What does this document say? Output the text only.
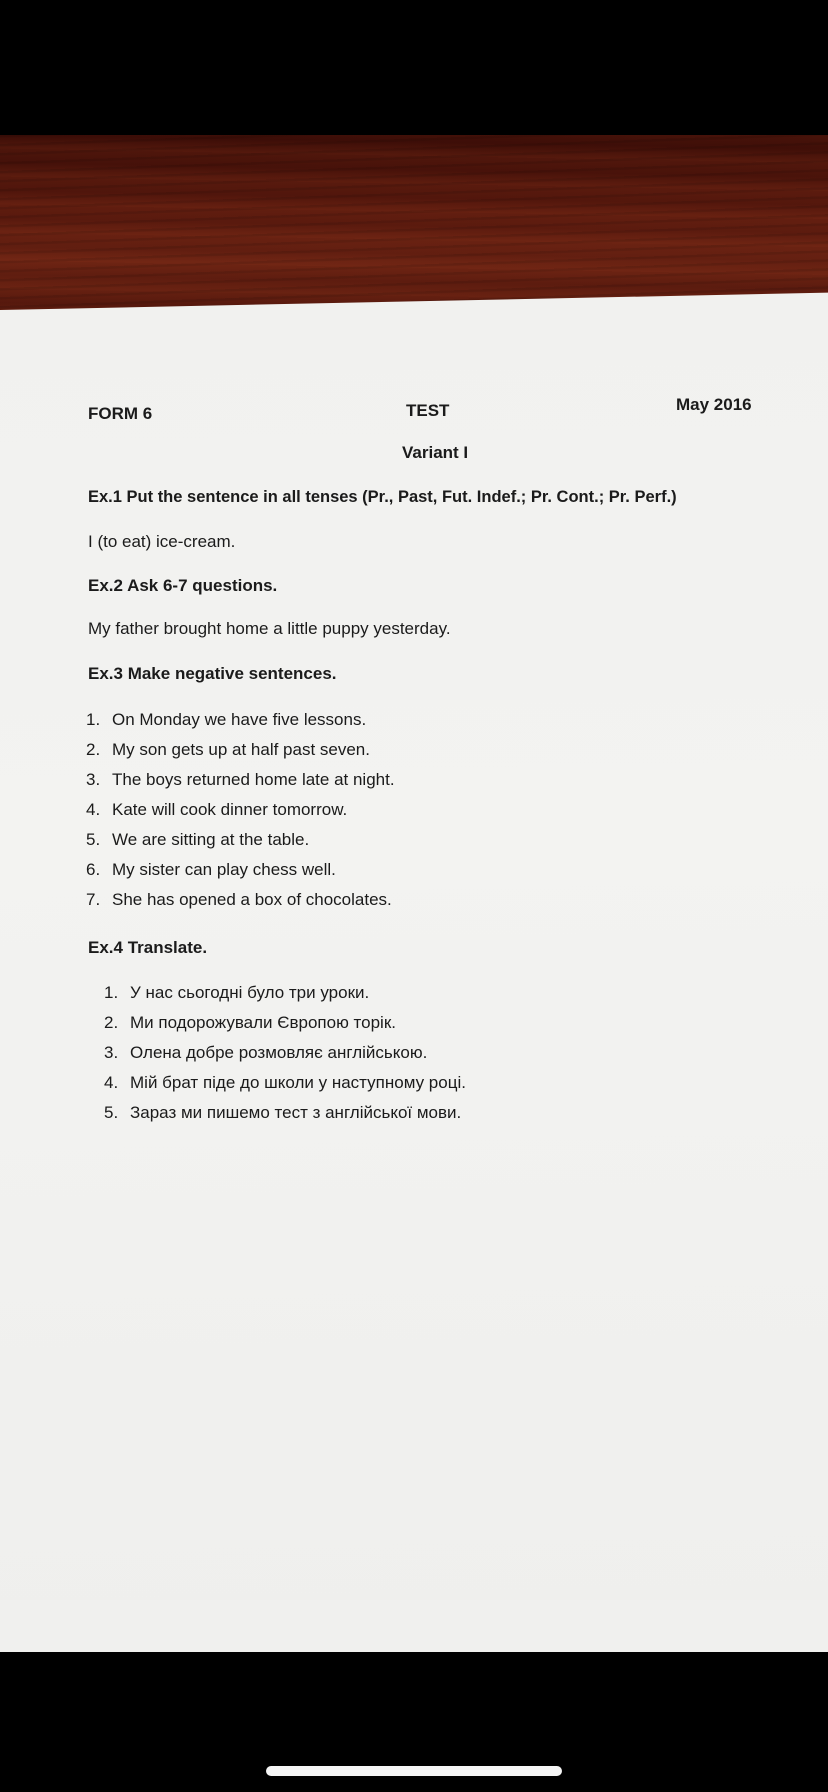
FORM 6	TEST	May 2016
Variant I
Ex.1 Put the sentence in all tenses (Pr., Past, Fut. Indef.; Pr. Cont.; Pr. Perf.)
I (to eat) ice-cream.
Ex.2 Ask 6-7 questions.
My father brought home a little puppy yesterday.
Ex.3 Make negative sentences.
1. On Monday we have five lessons.
2. My son gets up at half past seven.
3. The boys returned home late at night.
4. Kate will cook dinner tomorrow.
5. We are sitting at the table.
6. My sister can play chess well.
7. She has opened a box of chocolates.
Ex.4 Translate.
1. У нас сьогодні було три уроки.
2. Ми подорожували Європою торік.
3. Олена добре розмовляє англійською.
4. Мій брат піде до школи у наступному році.
5. Зараз ми пишемо тест з англійської мови.
